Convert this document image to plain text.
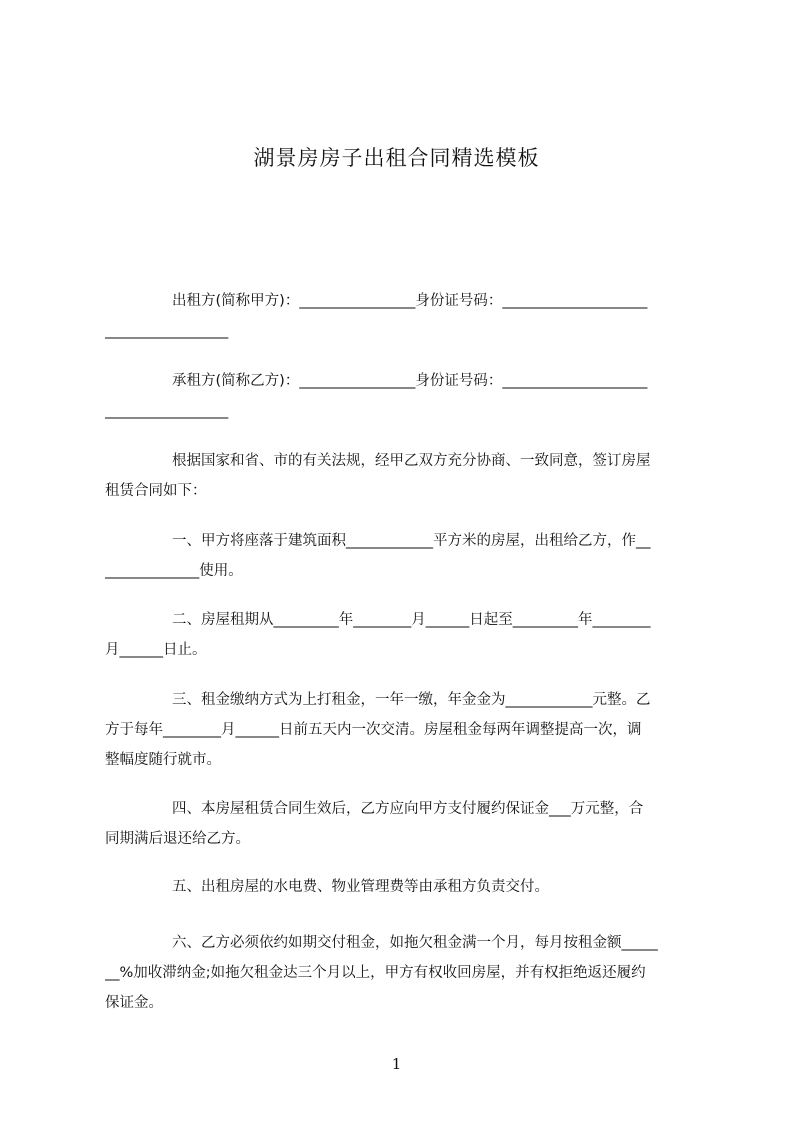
湖景房房子出租合同精选模板
出租方(简称甲方)：________________身份证号码：____________________
_________________
承租方(简称乙方)：________________身份证号码：____________________
_________________
根据国家和省、市的有关法规，经甲乙双方充分协商、一致同意，签订房屋
租赁合同如下：
一、甲方将座落于建筑面积____________平方米的房屋，出租给乙方，作__
_____________使用。
二、房屋租期从_________年________月______日起至_________年________
月______日止。
三、租金缴纳方式为上打租金，一年一缴，年金金为____________元整。乙
方于每年________月______日前五天内一次交清。房屋租金每两年调整提高一次，调
整幅度随行就市。
四、本房屋租赁合同生效后，乙方应向甲方支付履约保证金___万元整，合
同期满后退还给乙方。
五、出租房屋的水电费、物业管理费等由承租方负责交付。
六、乙方必须依约如期交付租金，如拖欠租金满一个月，每月按租金额_____
__%加收滞纳金;如拖欠租金达三个月以上，甲方有权收回房屋，并有权拒绝返还履约
保证金。
1
